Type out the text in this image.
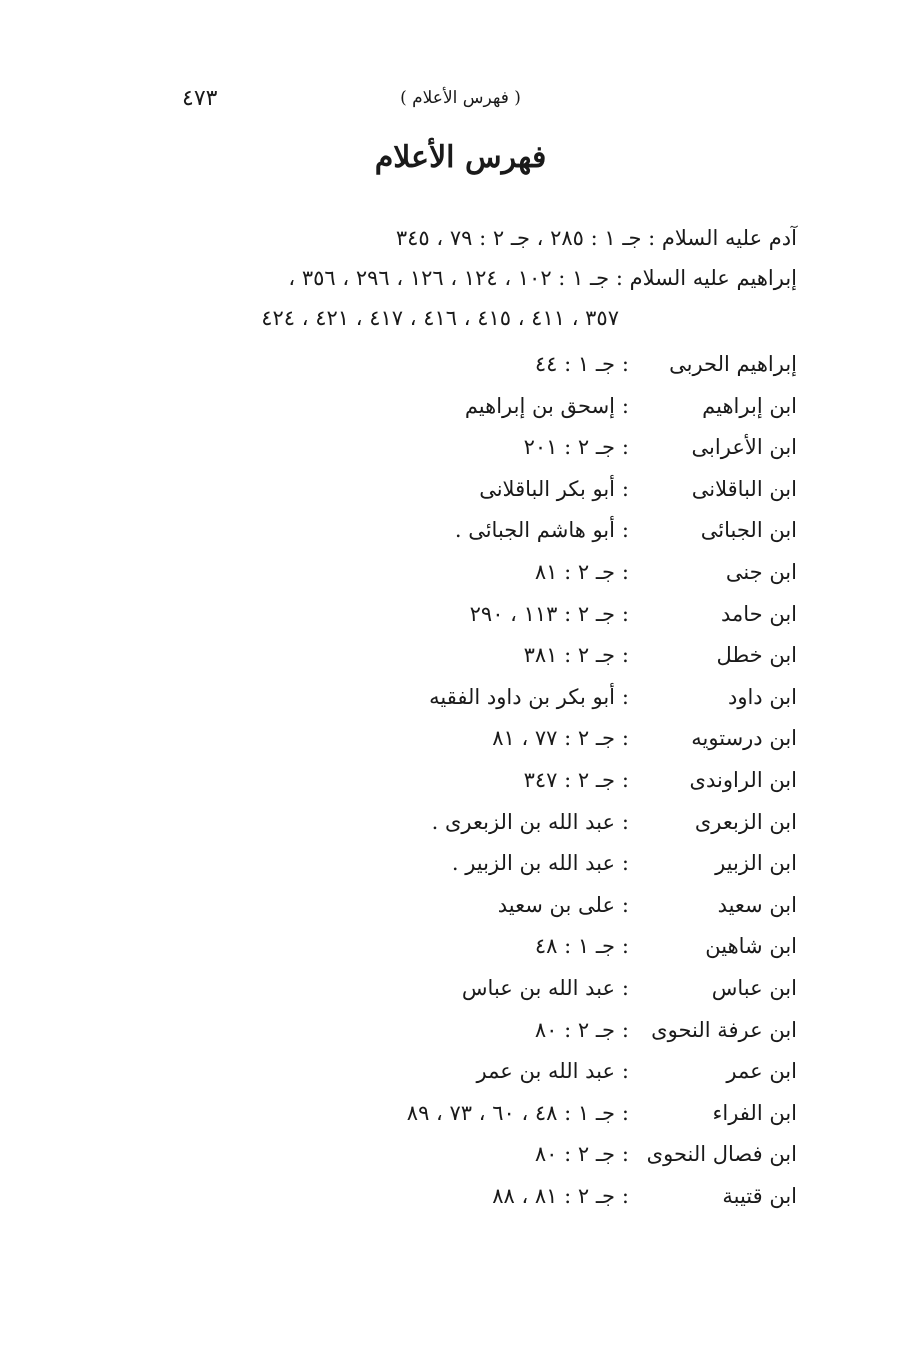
٤٧٣	( فهرس الأعلام )
فهرس الأعلام
آدم عليه السلام : جـ ١ : ٢٨٥ ، جـ ٢ : ٧٩ ، ٣٤٥
إبراهيم عليه السلام : جـ ١ : ١٠٢ ، ١٢٤ ، ١٢٦ ، ٢٩٦ ، ٣٥٦ ،
٣٥٧ ، ٤١١ ، ٤١٥ ، ٤١٦ ، ٤١٧ ، ٤٢١ ، ٤٢٤
إبراهيم الحربى
:
جـ ١ : ٤٤
ابن إبراهيم
:
إسحق بن إبراهيم
ابن الأعرابى
:
جـ ٢ : ٢٠١
ابن الباقلانى
:
أبو بكر الباقلانى
ابن الجبائى
:
أبو هاشم الجبائى .
ابن جنى
:
جـ ٢ : ٨١
ابن حامد
:
جـ ٢ : ١١٣ ، ٢٩٠
ابن خطل
:
جـ ٢ : ٣٨١
ابن داود
:
أبو بكر بن داود الفقيه
ابن درستويه
:
جـ ٢ : ٧٧ ، ٨١
ابن الراوندى
:
جـ ٢ : ٣٤٧
ابن الزبعرى
:
عبد الله بن الزبعرى .
ابن الزبير
:
عبد الله بن الزبير .
ابن سعيد
:
على بن سعيد
ابن شاهين
:
جـ ١ : ٤٨
ابن عباس
:
عبد الله بن عباس
ابن عرفة النحوى
:
جـ ٢ : ٨٠
ابن عمر
:
عبد الله بن عمر
ابن الفراء
:
جـ ١ : ٤٨ ، ٦٠ ، ٧٣ ، ٨٩
ابن فصال النحوى
:
جـ ٢ : ٨٠
ابن قتيبة
:
جـ ٢ : ٨١ ، ٨٨
